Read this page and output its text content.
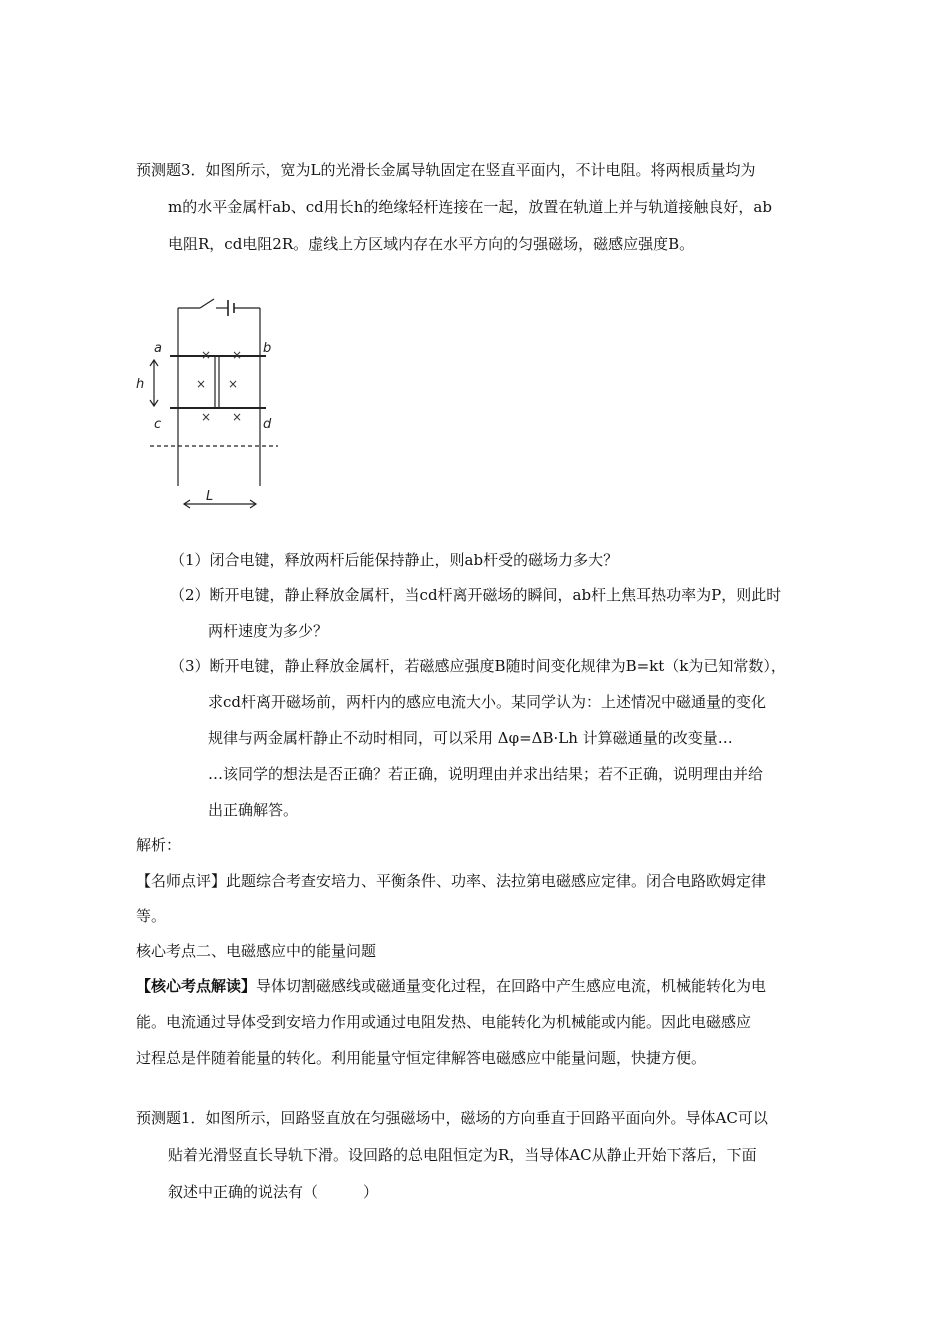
预测题3．如图所示，宽为L的光滑长金属导轨固定在竖直平面内，不计电阻。将两根质量均为
m的水平金属杆ab、cd用长h的绝缘轻杆连接在一起，放置在轨道上并与轨道接触良好，ab
电阻R，cd电阻2R。虚线上方区域内存在水平方向的匀强磁场，磁感应强度B。
× ×
× ×
× ×
a	b
c	d
h
L
（1）闭合电键，释放两杆后能保持静止，则ab杆受的磁场力多大？
（2）断开电键，静止释放金属杆，当cd杆离开磁场的瞬间，ab杆上焦耳热功率为P，则此时
两杆速度为多少？
（3）断开电键，静止释放金属杆，若磁感应强度B随时间变化规律为B=kt（k为已知常数），
求cd杆离开磁场前，两杆内的感应电流大小。某同学认为：上述情况中磁通量的变化
规律与两金属杆静止不动时相同，可以采用 Δφ=ΔB·Lh 计算磁通量的改变量…
…该同学的想法是否正确？若正确，说明理由并求出结果；若不正确，说明理由并给
出正确解答。
解析：
【名师点评】此题综合考查安培力、平衡条件、功率、法拉第电磁感应定律。闭合电路欧姆定律
等。
核心考点二、电磁感应中的能量问题
【核心考点解读】导体切割磁感线或磁通量变化过程，在回路中产生感应电流，机械能转化为电
能。电流通过导体受到安培力作用或通过电阻发热、电能转化为机械能或内能。因此电磁感应
过程总是伴随着能量的转化。利用能量守恒定律解答电磁感应中能量问题，快捷方便。
预测题1．如图所示，回路竖直放在匀强磁场中，磁场的方向垂直于回路平面向外。导体AC可以
贴着光滑竖直长导轨下滑。设回路的总电阻恒定为R，当导体AC从静止开始下落后，下面
叙述中正确的说法有（　　　）
